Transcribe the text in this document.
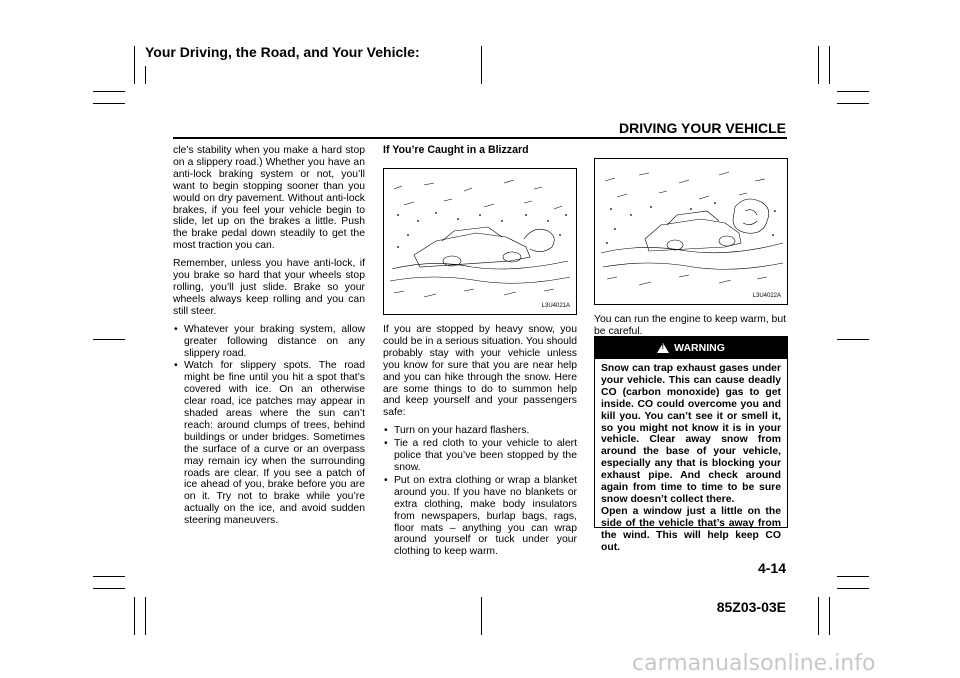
Your Driving, the Road, and Your Vehicle:
DRIVING YOUR VEHICLE

cle’s stability when you make a hard stop on a slippery road.) Whether you have an anti-lock braking system or not, you’ll want to begin stopping sooner than you would on dry pavement. Without anti-lock brakes, if you feel your vehicle begin to slide, let up on the brakes a little. Push the brake pedal down steadily to get the most traction you can.

Remember, unless you have anti-lock, if you brake so hard that your wheels stop rolling, you’ll just slide. Brake so your wheels always keep rolling and you can still steer.

• Whatever your braking system, allow greater following distance on any slippery road.
• Watch for slippery spots. The road might be fine until you hit a spot that’s covered with ice. On an otherwise clear road, ice patches may appear in shaded areas where the sun can’t reach: around clumps of trees, behind buildings or under bridges. Sometimes the surface of a curve or an overpass may remain icy when the surrounding roads are clear. If you see a patch of ice ahead of you, brake before you are on it. Try not to brake while you’re actually on the ice, and avoid sudden steering maneuvers.
If You’re Caught in a Blizzard
L3U4021A

If you are stopped by heavy snow, you could be in a serious situation. You should probably stay with your vehicle unless you know for sure that you are near help and you can hike through the snow. Here are some things to do to summon help and keep yourself and your passengers safe:

• Turn on your hazard flashers.
• Tie a red cloth to your vehicle to alert police that you’ve been stopped by the snow.
• Put on extra clothing or wrap a blanket around you. If you have no blankets or extra clothing, make body insulators from newspapers, burlap bags, rags, floor mats – anything you can wrap around yourself or tuck under your clothing to keep warm.
L3U4022A

You can run the engine to keep warm, but be careful.

! WARNING

Snow can trap exhaust gases under your vehicle. This can cause deadly CO (carbon monoxide) gas to get inside. CO could overcome you and kill you. You can’t see it or smell it, so you might not know it is in your vehicle. Clear away snow from around the base of your vehicle, especially any that is blocking your exhaust pipe. And check around again from time to time to be sure snow doesn’t collect there.

Open a window just a little on the side of the vehicle that’s away from the wind. This will help keep CO out.

4-14
85Z03-03E
carmanualsonline.info
